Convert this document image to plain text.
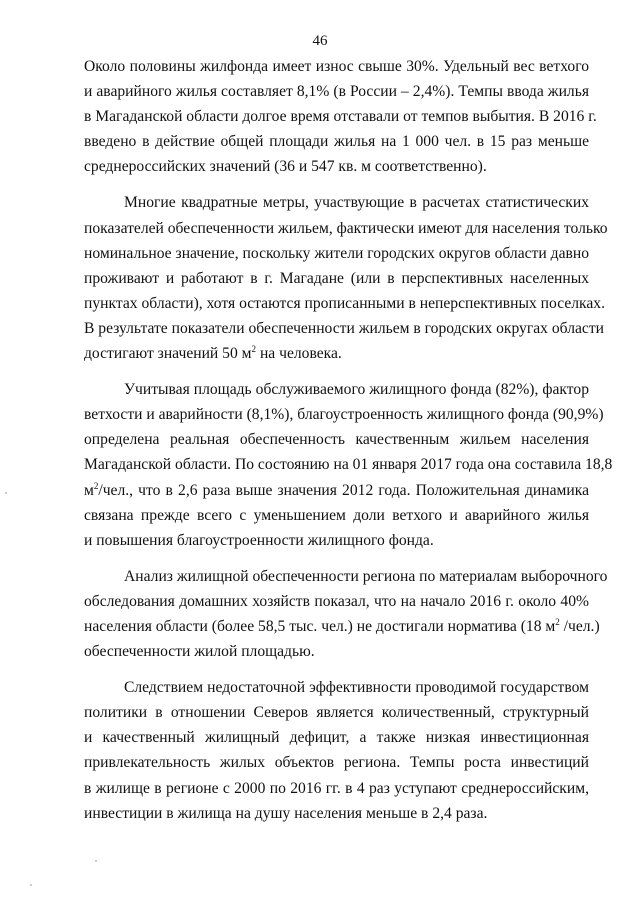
46

Около половины жилфонда имеет износ свыше 30%. Удельный вес ветхого
и аварийного жилья составляет 8,1% (в России – 2,4%). Темпы ввода жилья
в Магаданской области долгое время отставали от темпов выбытия. В 2016 г.
введено в действие общей площади жилья на 1 000 чел. в 15 раз меньше
среднероссийских значений (36 и 547 кв. м соответственно).

Многие квадратные метры, участвующие в расчетах статистических
показателей обеспеченности жильем, фактически имеют для населения только
номинальное значение, поскольку жители городских округов области давно
проживают и работают в г. Магадане (или в перспективных населенных
пунктах области), хотя остаются прописанными в неперспективных поселках.
В результате показатели обеспеченности жильем в городских округах области
достигают значений 50 $м^2$ на человека.

Учитывая площадь обслуживаемого жилищного фонда (82%), фактор
ветхости и аварийности (8,1%), благоустроенность жилищного фонда (90,9%)
определена реальная обеспеченность качественным жильем населения
Магаданской области. По состоянию на 01 января 2017 года она составила 18,8
$м^2$/чел., что в 2,6 раза выше значения 2012 года. Положительная динамика
связана прежде всего с уменьшением доли ветхого и аварийного жилья
и повышения благоустроенности жилищного фонда.

Анализ жилищной обеспеченности региона по материалам выборочного
обследования домашних хозяйств показал, что на начало 2016 г. около 40%
населения области (более 58,5 тыс. чел.) не достигали норматива (18 $м^2$ /чел.)
обеспеченности жилой площадью.

Следствием недостаточной эффективности проводимой государством
политики в отношении Северов является количественный, структурный
и качественный жилищный дефицит, а также низкая инвестиционная
привлекательность жилых объектов региона. Темпы роста инвестиций
в жилище в регионе с 2000 по 2016 гг. в 4 раз уступают среднероссийским,
инвестиции в жилища на душу населения меньше в 2,4 раза.
